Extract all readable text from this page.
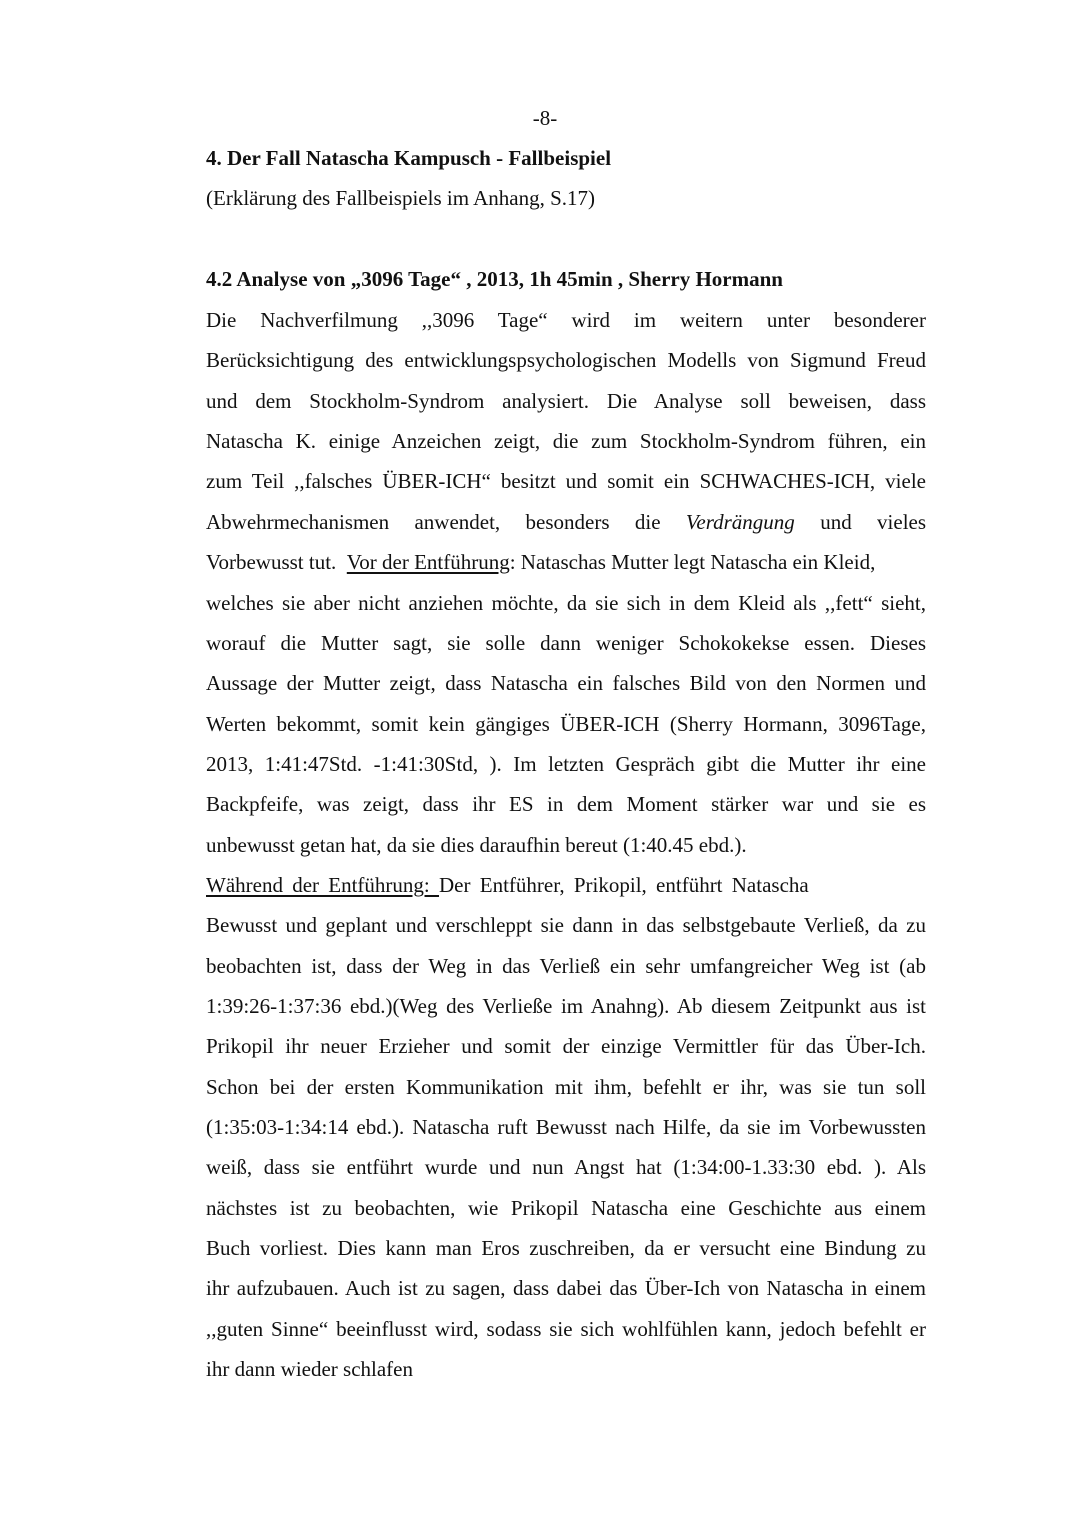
-8-
4. Der Fall Natascha Kampusch - Fallbeispiel
(Erklärung des Fallbeispiels im Anhang, S.17)
4.2 Analyse von „3096 Tage“ , 2013, 1h 45min , Sherry Hormann
Die Nachverfilmung ,,3096 Tage“ wird im weitern unter besonderer
Berücksichtigung des entwicklungspsychologischen Modells von Sigmund Freud
und dem Stockholm-Syndrom analysiert. Die Analyse soll beweisen, dass
Natascha K. einige Anzeichen zeigt, die zum Stockholm-Syndrom führen, ein
zum Teil ,,falsches ÜBER-ICH“ besitzt und somit ein SCHWACHES-ICH, viele
Abwehrmechanismen anwendet, besonders die Verdrängung und vieles
Vorbewusst tut. Vor der Entführung: Nataschas Mutter legt Natascha ein Kleid,
welches sie aber nicht anziehen möchte, da sie sich in dem Kleid als ,,fett“ sieht,
worauf die Mutter sagt, sie solle dann weniger Schokokekse essen. Dieses
Aussage der Mutter zeigt, dass Natascha ein falsches Bild von den Normen und
Werten bekommt, somit kein gängiges ÜBER-ICH (Sherry Hormann, 3096Tage,
2013, 1:41:47Std. -1:41:30Std, ). Im letzten Gespräch gibt die Mutter ihr eine
Backpfeife, was zeigt, dass ihr ES in dem Moment stärker war und sie es
unbewusst getan hat, da sie dies daraufhin bereut (1:40.45 ebd.).
Während der Entführung: Der Entführer, Prikopil, entführt Natascha
Bewusst und geplant und verschleppt sie dann in das selbstgebaute Verließ, da zu
beobachten ist, dass der Weg in das Verließ ein sehr umfangreicher Weg ist (ab
1:39:26-1:37:36 ebd.)(Weg des Verließe im Anahng). Ab diesem Zeitpunkt aus ist
Prikopil ihr neuer Erzieher und somit der einzige Vermittler für das Über-Ich.
Schon bei der ersten Kommunikation mit ihm, befehlt er ihr, was sie tun soll
(1:35:03-1:34:14 ebd.). Natascha ruft Bewusst nach Hilfe, da sie im Vorbewussten
weiß, dass sie entführt wurde und nun Angst hat (1:34:00-1.33:30 ebd. ). Als
nächstes ist zu beobachten, wie Prikopil Natascha eine Geschichte aus einem
Buch vorliest. Dies kann man Eros zuschreiben, da er versucht eine Bindung zu
ihr aufzubauen. Auch ist zu sagen, dass dabei das Über-Ich von Natascha in einem
,,guten Sinne“ beeinflusst wird, sodass sie sich wohlfühlen kann, jedoch befehlt er
ihr dann wieder schlafen
